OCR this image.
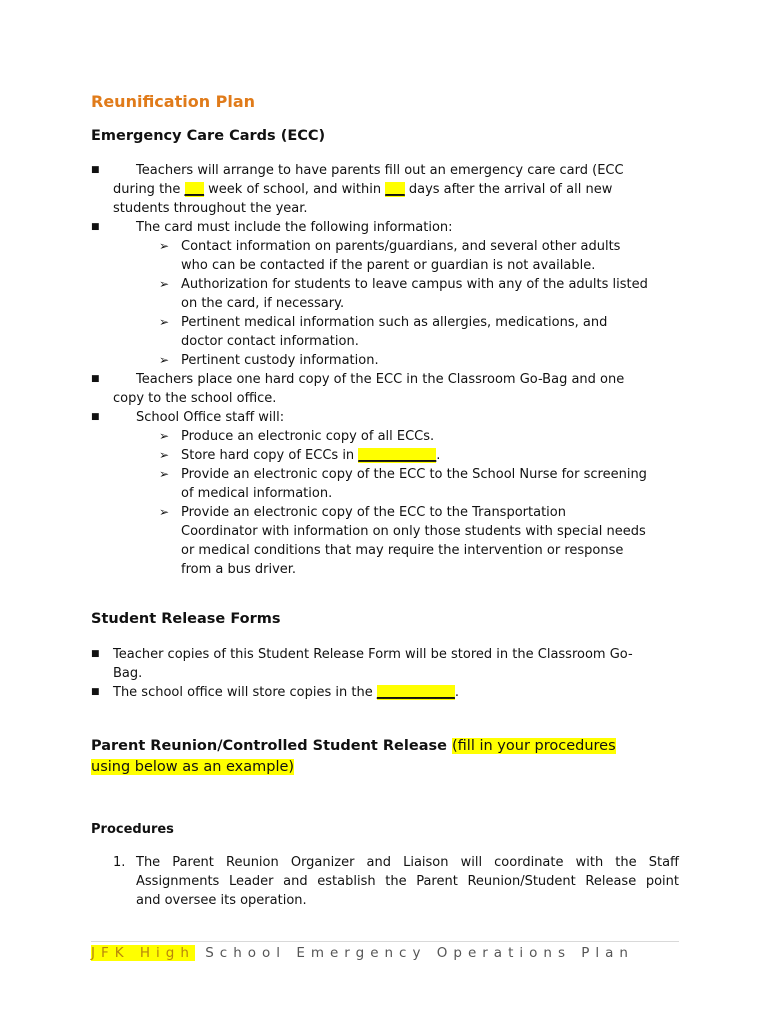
Reunification Plan
Emergency Care Cards (ECC)
■	Teachers will arrange to have parents fill out an emergency care card (ECC
during the ___ week of school, and within ___ days after the arrival of all new
students throughout the year.
■	The card must include the following information:
➢ Contact information on parents/guardians, and several other adults
who can be contacted if the parent or guardian is not available.
➢ Authorization for students to leave campus with any of the adults listed
on the card, if necessary.
➢ Pertinent medical information such as allergies, medications, and
doctor contact information.
➢ Pertinent custody information.
■	Teachers place one hard copy of the ECC in the Classroom Go-Bag and one
copy to the school office.
■	School Office staff will:
➢ Produce an electronic copy of all ECCs.
➢ Store hard copy of ECCs in ____________.
➢ Provide an electronic copy of the ECC to the School Nurse for screening
of medical information.
➢ Provide an electronic copy of the ECC to the Transportation
Coordinator with information on only those students with special needs
or medical conditions that may require the intervention or response
from a bus driver.
Student Release Forms
■ Teacher copies of this Student Release Form will be stored in the Classroom Go-
Bag.
■ The school office will store copies in the ____________.
Parent Reunion/Controlled Student Release (fill in your procedures
using below as an example)
Procedures
1. The Parent Reunion Organizer and Liaison will coordinate with the Staff
Assignments Leader and establish the Parent Reunion/Student Release point
and oversee its operation.
JFK High School Emergency Operations Plan
